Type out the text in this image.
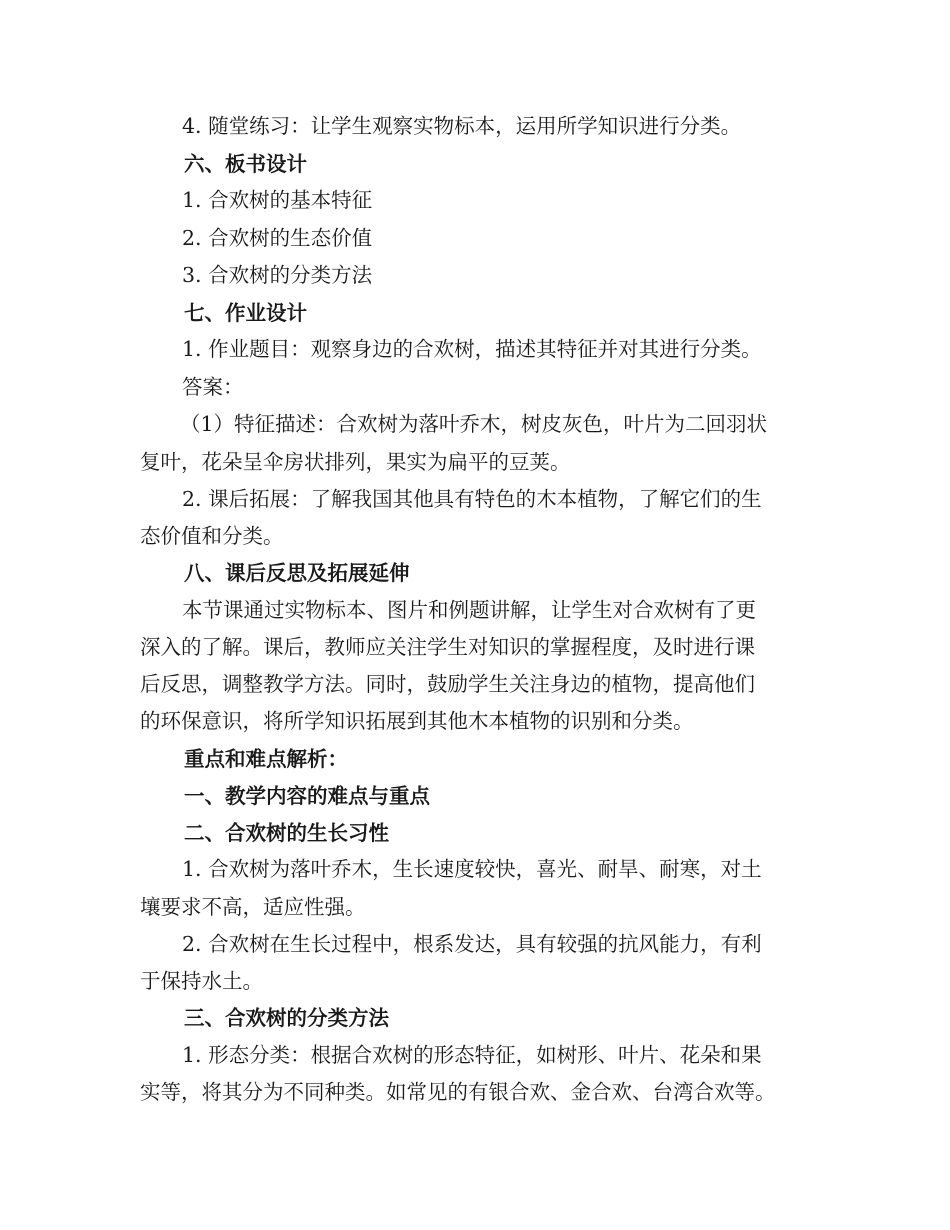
4. 随堂练习：让学生观察实物标本，运用所学知识进行分类。
六、板书设计
1. 合欢树的基本特征
2. 合欢树的生态价值
3. 合欢树的分类方法
七、作业设计
1. 作业题目：观察身边的合欢树，描述其特征并对其进行分类。
答案：
（1）特征描述：合欢树为落叶乔木，树皮灰色，叶片为二回羽状
复叶，花朵呈伞房状排列，果实为扁平的豆荚。
2. 课后拓展：了解我国其他具有特色的木本植物，了解它们的生
态价值和分类。
八、课后反思及拓展延伸
本节课通过实物标本、图片和例题讲解，让学生对合欢树有了更
深入的了解。课后，教师应关注学生对知识的掌握程度，及时进行课
后反思，调整教学方法。同时，鼓励学生关注身边的植物，提高他们
的环保意识，将所学知识拓展到其他木本植物的识别和分类。
重点和难点解析：
一、教学内容的难点与重点
二、合欢树的生长习性
1. 合欢树为落叶乔木，生长速度较快，喜光、耐旱、耐寒，对土
壤要求不高，适应性强。
2. 合欢树在生长过程中，根系发达，具有较强的抗风能力，有利
于保持水土。
三、合欢树的分类方法
1. 形态分类：根据合欢树的形态特征，如树形、叶片、花朵和果
实等，将其分为不同种类。如常见的有银合欢、金合欢、台湾合欢等。
